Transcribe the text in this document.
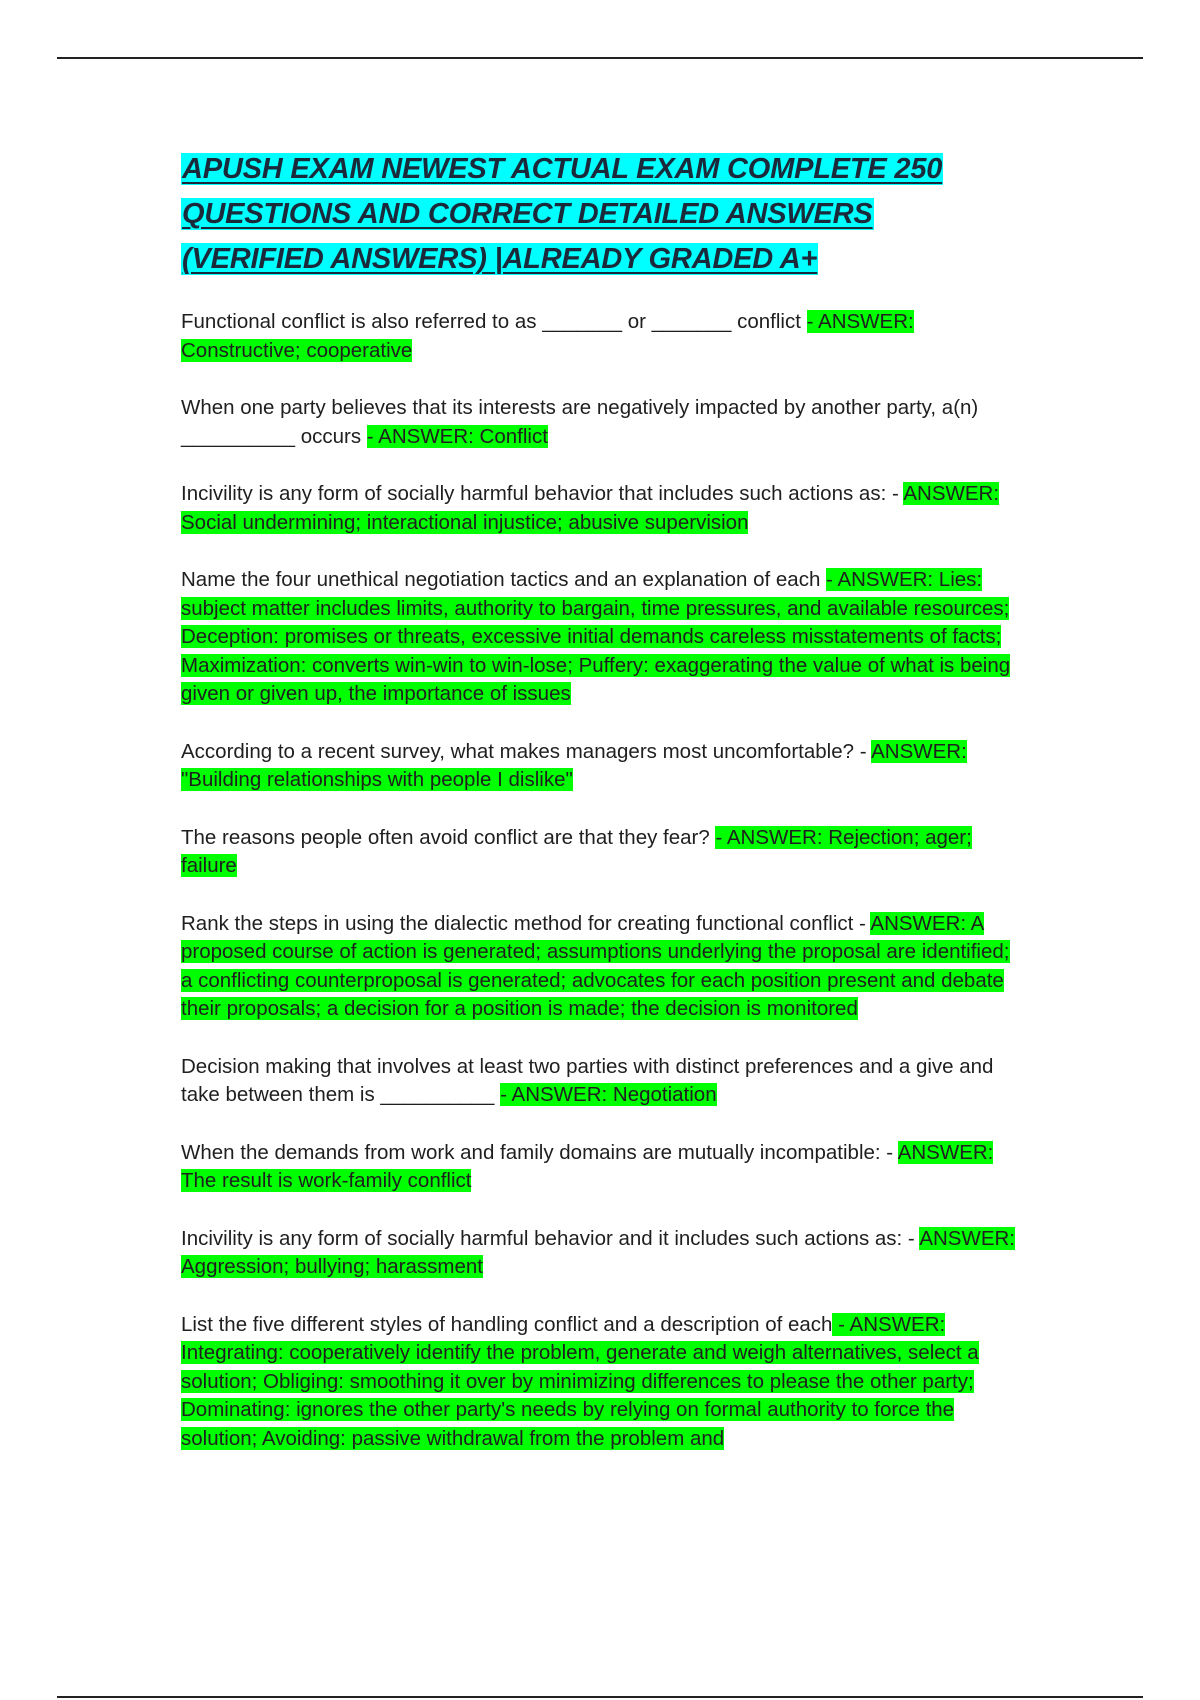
APUSH EXAM NEWEST ACTUAL EXAM COMPLETE 250 QUESTIONS AND CORRECT DETAILED ANSWERS (VERIFIED ANSWERS) |ALREADY GRADED A+

Functional conflict is also referred to as _______ or _______ conflict - ANSWER: Constructive; cooperative

When one party believes that its interests are negatively impacted by another party, a(n) __________ occurs - ANSWER: Conflict

Incivility is any form of socially harmful behavior that includes such actions as: - ANSWER: Social undermining; interactional injustice; abusive supervision

Name the four unethical negotiation tactics and an explanation of each - ANSWER: Lies: subject matter includes limits, authority to bargain, time pressures, and available resources; Deception: promises or threats, excessive initial demands careless misstatements of facts; Maximization: converts win-win to win-lose; Puffery: exaggerating the value of what is being given or given up, the importance of issues

According to a recent survey, what makes managers most uncomfortable? - ANSWER: "Building relationships with people I dislike"

The reasons people often avoid conflict are that they fear? - ANSWER: Rejection; ager; failure

Rank the steps in using the dialectic method for creating functional conflict - ANSWER: A proposed course of action is generated; assumptions underlying the proposal are identified; a conflicting counterproposal is generated; advocates for each position present and debate their proposals; a decision for a position is made; the decision is monitored

Decision making that involves at least two parties with distinct preferences and a give and take between them is __________ - ANSWER: Negotiation

When the demands from work and family domains are mutually incompatible: - ANSWER: The result is work-family conflict

Incivility is any form of socially harmful behavior and it includes such actions as: - ANSWER: Aggression; bullying; harassment

List the five different styles of handling conflict and a description of each - ANSWER: Integrating: cooperatively identify the problem, generate and weigh alternatives, select a solution; Obliging: smoothing it over by minimizing differences to please the other party; Dominating: ignores the other party's needs by relying on formal authority to force the solution; Avoiding: passive withdrawal from the problem and
